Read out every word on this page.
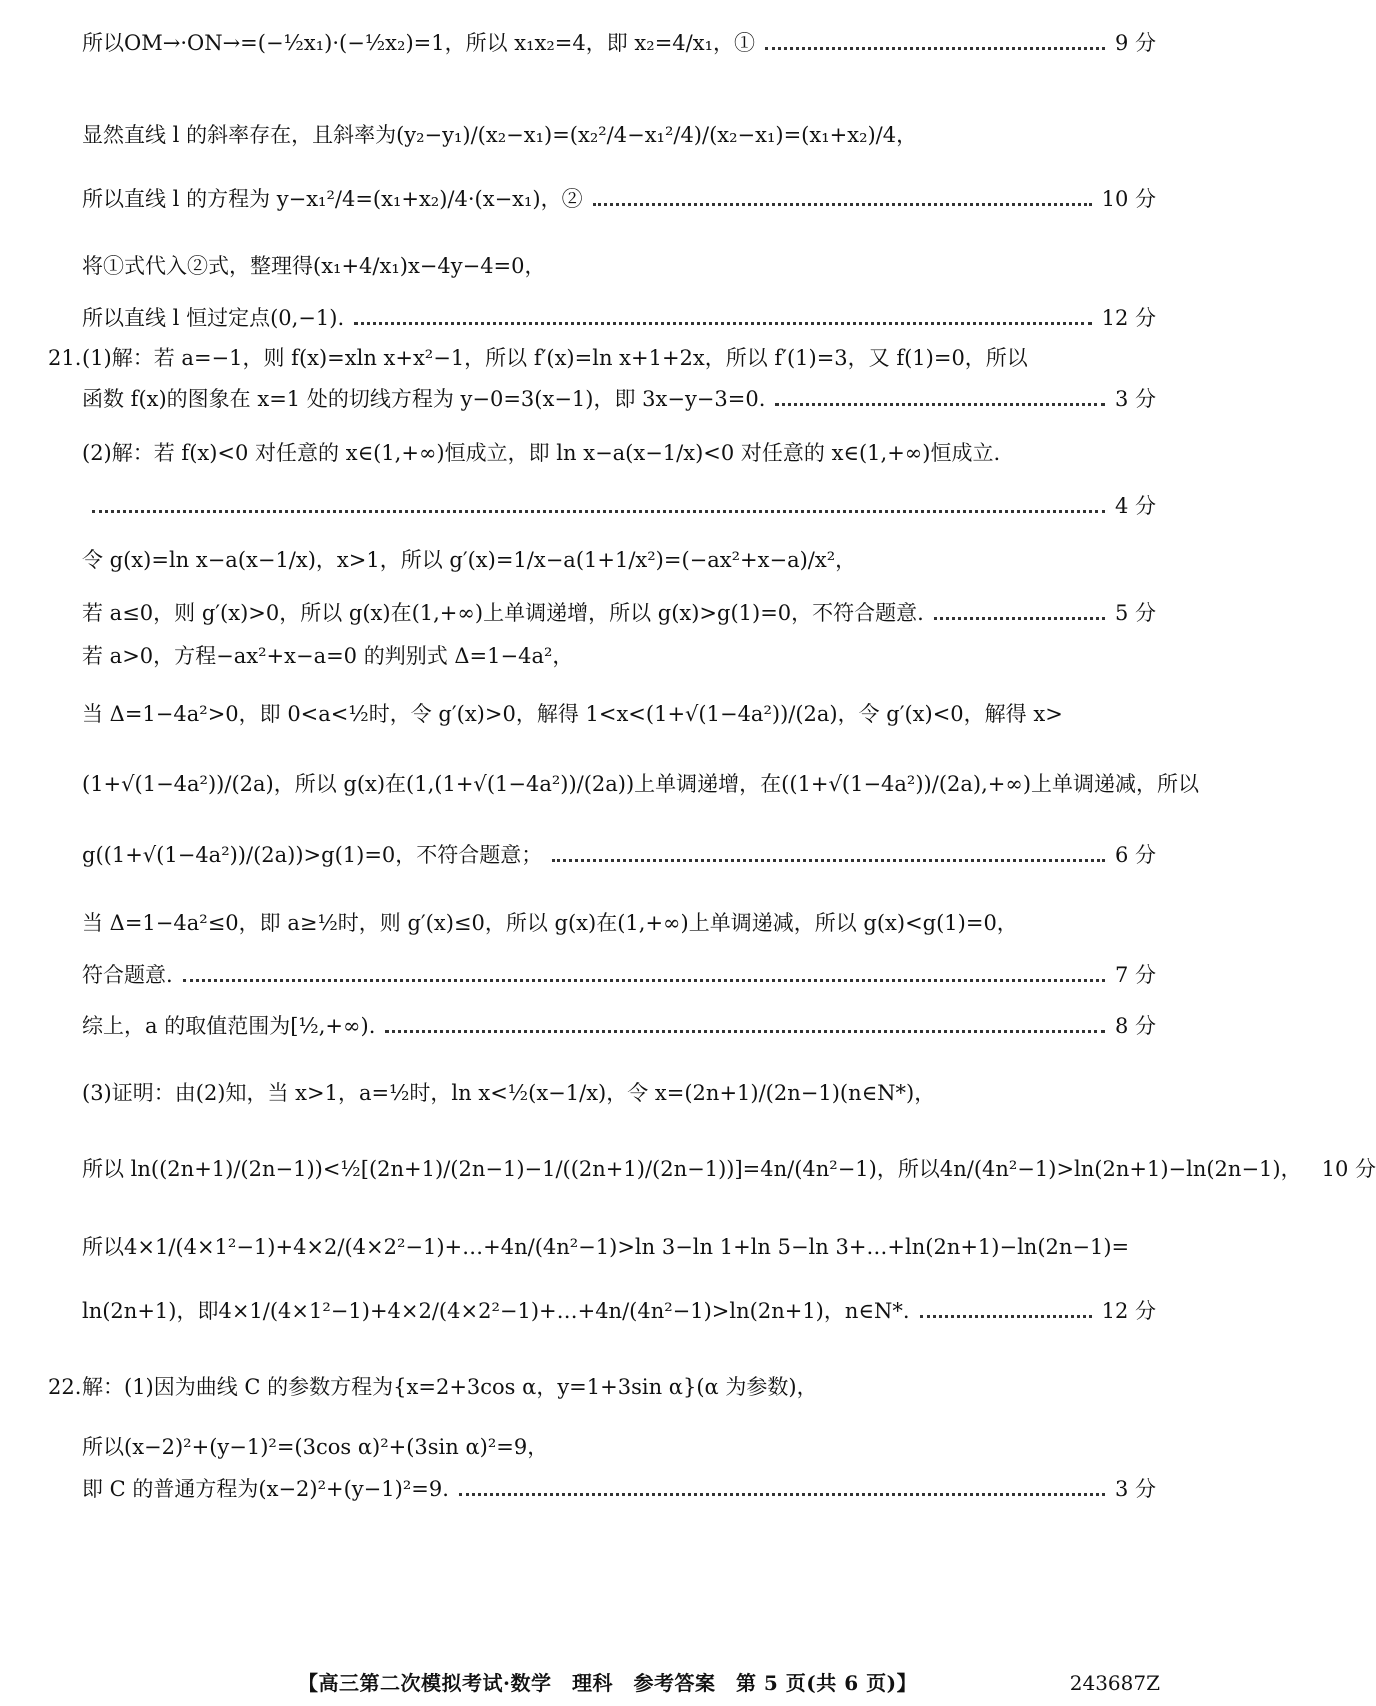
所以OM→·ON→=(−½x₁)·(−½x₂)=1，所以 x₁x₂=4，即 x₂=4/x₁，①	9 分
显然直线 l 的斜率存在，且斜率为(y₂−y₁)/(x₂−x₁)=(x₂²/4−x₁²/4)/(x₂−x₁)=(x₁+x₂)/4，
所以直线 l 的方程为 y−x₁²/4=(x₁+x₂)/4·(x−x₁)，②	10 分
将①式代入②式，整理得(x₁+4/x₁)x−4y−4=0，
所以直线 l 恒过定点(0,−1).	12 分
21. (1)解：若 a=−1，则 f(x)=xln x+x²−1，所以 f′(x)=ln x+1+2x，所以 f′(1)=3，又 f(1)=0，所以
函数 f(x)的图象在 x=1 处的切线方程为 y−0=3(x−1)，即 3x−y−3=0.	3 分
(2)解：若 f(x)<0 对任意的 x∈(1,+∞)恒成立，即 ln x−a(x−1/x)<0 对任意的 x∈(1,+∞)恒成立.
4 分
令 g(x)=ln x−a(x−1/x)，x>1，所以 g′(x)=1/x−a(1+1/x²)=(−ax²+x−a)/x²，
若 a≤0，则 g′(x)>0，所以 g(x)在(1,+∞)上单调递增，所以 g(x)>g(1)=0，不符合题意.	5 分
若 a>0，方程−ax²+x−a=0 的判别式 Δ=1−4a²，
当 Δ=1−4a²>0，即 0<a<½时，令 g′(x)>0，解得 1<x<(1+√(1−4a²))/(2a)，令 g′(x)<0，解得 x>
(1+√(1−4a²))/(2a)，所以 g(x)在(1,(1+√(1−4a²))/(2a))上单调递增，在((1+√(1−4a²))/(2a),+∞)上单调递减，所以
g((1+√(1−4a²))/(2a))>g(1)=0，不符合题意；	6 分
当 Δ=1−4a²≤0，即 a≥½时，则 g′(x)≤0，所以 g(x)在(1,+∞)上单调递减，所以 g(x)<g(1)=0，
符合题意.	7 分
综上，a 的取值范围为[½,+∞).	8 分
(3)证明：由(2)知，当 x>1，a=½时，ln x<½(x−1/x)，令 x=(2n+1)/(2n−1)(n∈N*)，
所以 ln((2n+1)/(2n−1))<½[(2n+1)/(2n−1)−1/((2n+1)/(2n−1))]=4n/(4n²−1)，所以4n/(4n²−1)>ln(2n+1)−ln(2n−1)， 10 分
所以4×1/(4×1²−1)+4×2/(4×2²−1)+…+4n/(4n²−1)>ln 3−ln 1+ln 5−ln 3+…+ln(2n+1)−ln(2n−1)=
ln(2n+1)，即4×1/(4×1²−1)+4×2/(4×2²−1)+…+4n/(4n²−1)>ln(2n+1)，n∈N*.	12 分
22. 解：(1)因为曲线 C 的参数方程为{x=2+3cos α，y=1+3sin α}(α 为参数)，
所以(x−2)²+(y−1)²=(3cos α)²+(3sin α)²=9，
即 C 的普通方程为(x−2)²+(y−1)²=9.	3 分
【高三第二次模拟考试·数学　理科　参考答案　第 5 页(共 6 页)】	243687Z
